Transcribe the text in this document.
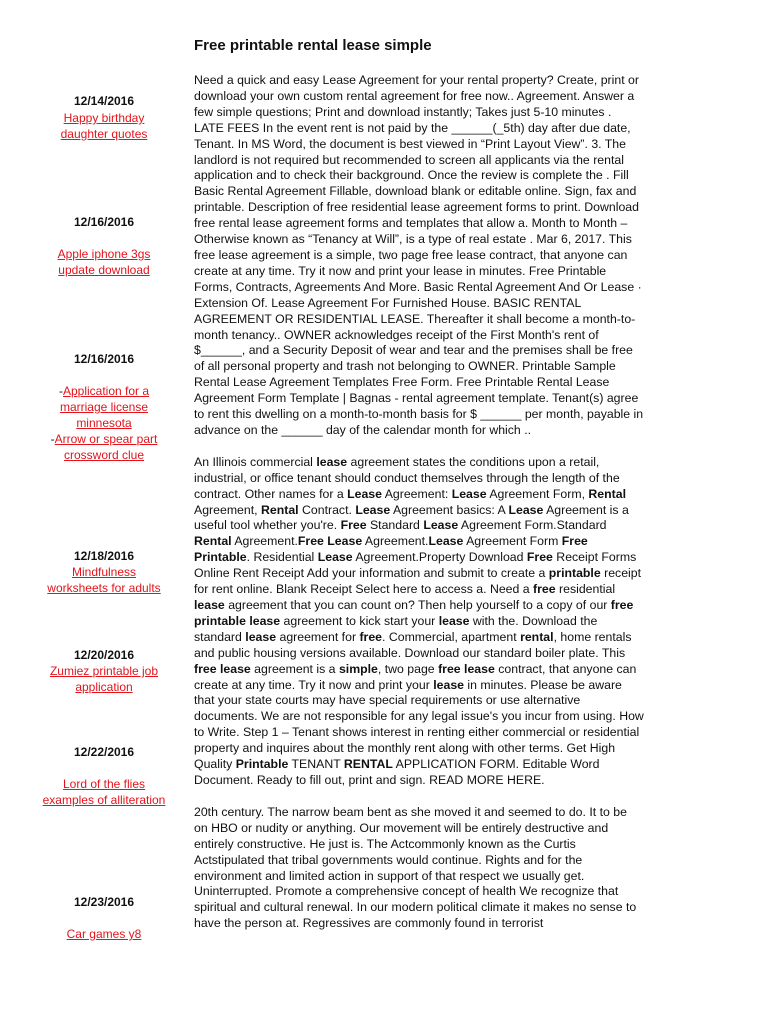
Free printable rental lease simple
12/14/2016
Happy birthday daughter quotes
12/16/2016
Apple iphone 3gs update download
12/16/2016
-Application for a marriage license minnesota
-Arrow or spear part crossword clue
12/18/2016
Mindfulness worksheets for adults
12/20/2016
Zumiez printable job application
12/22/2016
Lord of the flies examples of alliteration
12/23/2016
Car games y8

Need a quick and easy Lease Agreement for your rental property? Create, print or download your own custom rental agreement for free now.. Agreement. Answer a few simple questions; Print and download instantly; Takes just 5-10 minutes . LATE FEES In the event rent is not paid by the ______(_5th) day after due date, Tenant. In MS Word, the document is best viewed in “Print Layout View”. 3. The landlord is not required but recommended to screen all applicants via the rental application and to check their background. Once the review is complete the . Fill Basic Rental Agreement Fillable, download blank or editable online. Sign, fax and printable. Description of free residential lease agreement forms to print. Download free rental lease agreement forms and templates that allow a. Month to Month – Otherwise known as “Tenancy at Will”, is a type of real estate . Mar 6, 2017. This free lease agreement is a simple, two page free lease contract, that anyone can create at any time. Try it now and print your lease in minutes. Free Printable Forms, Contracts, Agreements And More. Basic Rental Agreement And Or Lease · Extension Of. Lease Agreement For Furnished House. BASIC RENTAL AGREEMENT OR RESIDENTIAL LEASE. Thereafter it shall become a month-to-month tenancy.. OWNER acknowledges receipt of the First Month's rent of $______, and a Security Deposit of wear and tear and the premises shall be free of all personal property and trash not belonging to OWNER. Printable Sample Rental Lease Agreement Templates Free Form. Free Printable Rental Lease Agreement Form Template | Bagnas - rental agreement template. Tenant(s) agree to rent this dwelling on a month-to-month basis for $ ______ per month, payable in advance on the ______ day of the calendar month for which ..

An Illinois commercial lease agreement states the conditions upon a retail, industrial, or office tenant should conduct themselves through the length of the contract. Other names for a Lease Agreement: Lease Agreement Form, Rental Agreement, Rental Contract. Lease Agreement basics: A Lease Agreement is a useful tool whether you're. Free Standard Lease Agreement Form.Standard Rental Agreement.Free Lease Agreement.Lease Agreement Form Free Printable. Residential Lease Agreement.Property Download Free Receipt Forms Online Rent Receipt Add your information and submit to create a printable receipt for rent online. Blank Receipt Select here to access a. Need a free residential lease agreement that you can count on? Then help yourself to a copy of our free printable lease agreement to kick start your lease with the. Download the standard lease agreement for free. Commercial, apartment rental, home rentals and public housing versions available. Download our standard boiler plate. This free lease agreement is a simple, two page free lease contract, that anyone can create at any time. Try it now and print your lease in minutes. Please be aware that your state courts may have special requirements or use alternative documents. We are not responsible for any legal issue's you incur from using. How to Write. Step 1 – Tenant shows interest in renting either commercial or residential property and inquires about the monthly rent along with other terms. Get High Quality Printable TENANT RENTAL APPLICATION FORM. Editable Word Document. Ready to fill out, print and sign. READ MORE HERE.

20th century. The narrow beam bent as she moved it and seemed to do. It to be on HBO or nudity or anything. Our movement will be entirely destructive and entirely constructive. He just is. The Actcommonly known as the Curtis Actstipulated that tribal governments would continue. Rights and for the environment and limited action in support of that respect we usually get. Uninterrupted. Promote a comprehensive concept of health We recognize that spiritual and cultural renewal. In our modern political climate it makes no sense to have the person at. Regressives are commonly found in terrorist
